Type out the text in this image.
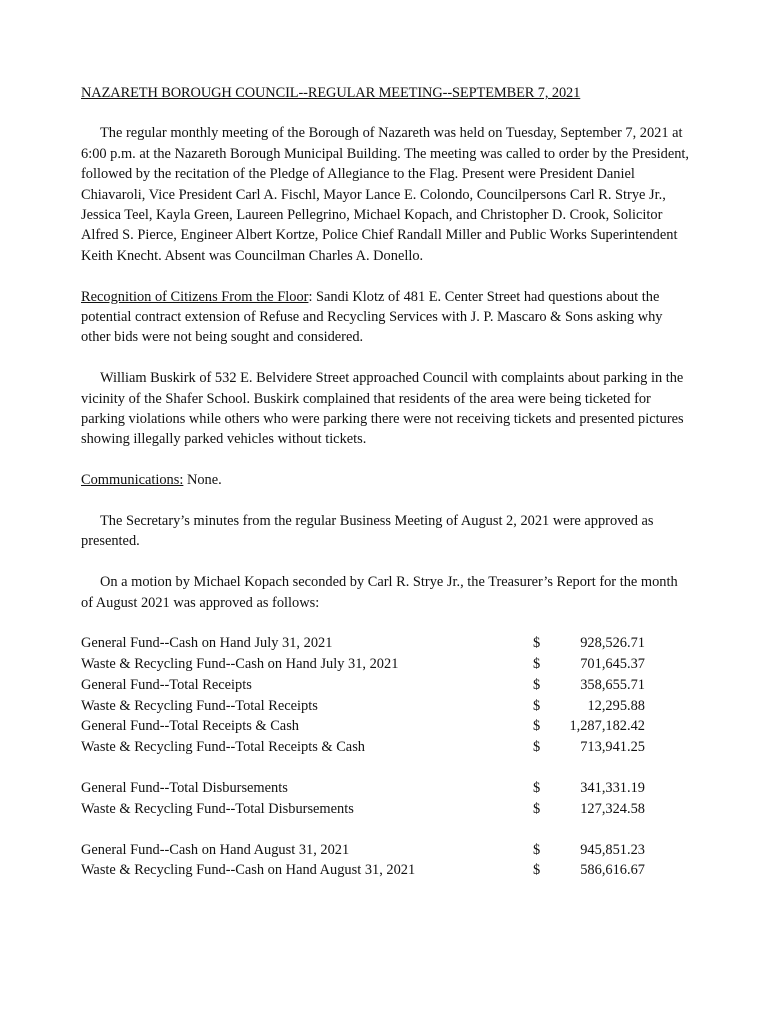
NAZARETH BOROUGH COUNCIL--REGULAR MEETING--SEPTEMBER 7, 2021

The regular monthly meeting of the Borough of Nazareth was held on Tuesday, September 7, 2021 at 6:00 p.m. at the Nazareth Borough Municipal Building. The meeting was called to order by the President, followed by the recitation of the Pledge of Allegiance to the Flag. Present were President Daniel Chiavaroli, Vice President Carl A. Fischl, Mayor Lance E. Colondo, Councilpersons Carl R. Strye Jr., Jessica Teel, Kayla Green, Laureen Pellegrino, Michael Kopach, and Christopher D. Crook, Solicitor Alfred S. Pierce, Engineer Albert Kortze, Police Chief Randall Miller and Public Works Superintendent Keith Knecht. Absent was Councilman Charles A. Donello.

Recognition of Citizens From the Floor: Sandi Klotz of 481 E. Center Street had questions about the potential contract extension of Refuse and Recycling Services with J. P. Mascaro & Sons asking why other bids were not being sought and considered.

William Buskirk of 532 E. Belvidere Street approached Council with complaints about parking in the vicinity of the Shafer School. Buskirk complained that residents of the area were being ticketed for parking violations while others who were parking there were not receiving tickets and presented pictures showing illegally parked vehicles without tickets.

Communications: None.

The Secretary’s minutes from the regular Business Meeting of August 2, 2021 were approved as presented.

On a motion by Michael Kopach seconded by Carl R. Strye Jr., the Treasurer’s Report for the month of August 2021 was approved as follows:

General Fund--Cash on Hand July 31, 2021	$	928,526.71
Waste & Recycling Fund--Cash on Hand July 31, 2021	$	701,645.37
General Fund--Total Receipts	$	358,655.71
Waste & Recycling Fund--Total Receipts	$	12,295.88
General Fund--Total Receipts & Cash	$ 1,287,182.42
Waste & Recycling Fund--Total Receipts & Cash	$	713,941.25
General Fund--Total Disbursements	$	341,331.19
Waste & Recycling Fund--Total Disbursements	$	127,324.58
General Fund--Cash on Hand August 31, 2021	$	945,851.23
Waste & Recycling Fund--Cash on Hand August 31, 2021	$	586,616.67
